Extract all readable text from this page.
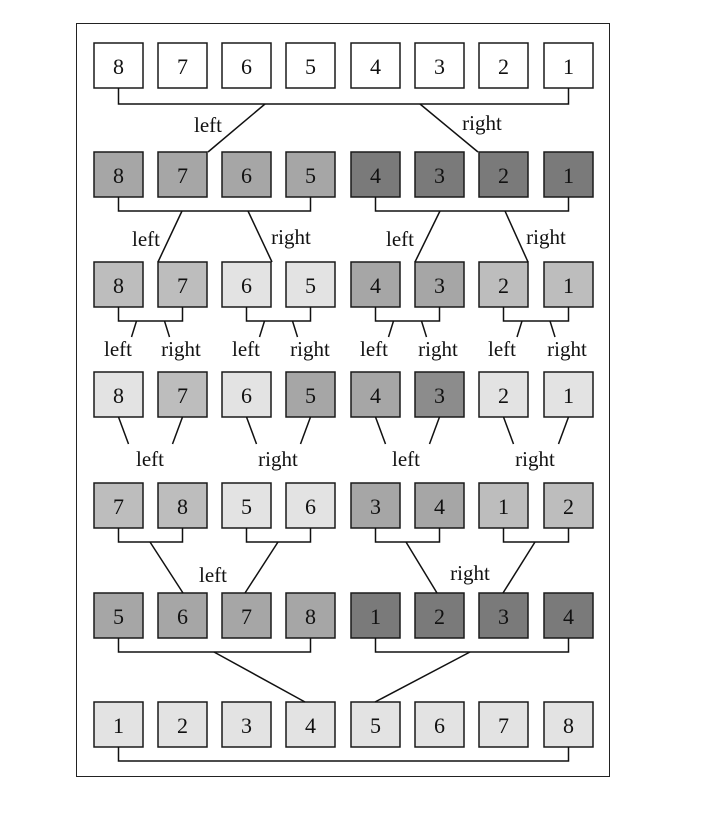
8 7 6 5 4 3 2 1
8 7 6 5 4 3 2 1
8 7 6 5 4 3 2 1
8 7 6 5 4 3 2 1
7 8 5 6 3 4 1 2
5 6 7 8 1 2 3 4
1 2 3 4 5 6 7 8
left	right
left	right	left	right
left right left right left right left right
left	right	left	right
left	right
